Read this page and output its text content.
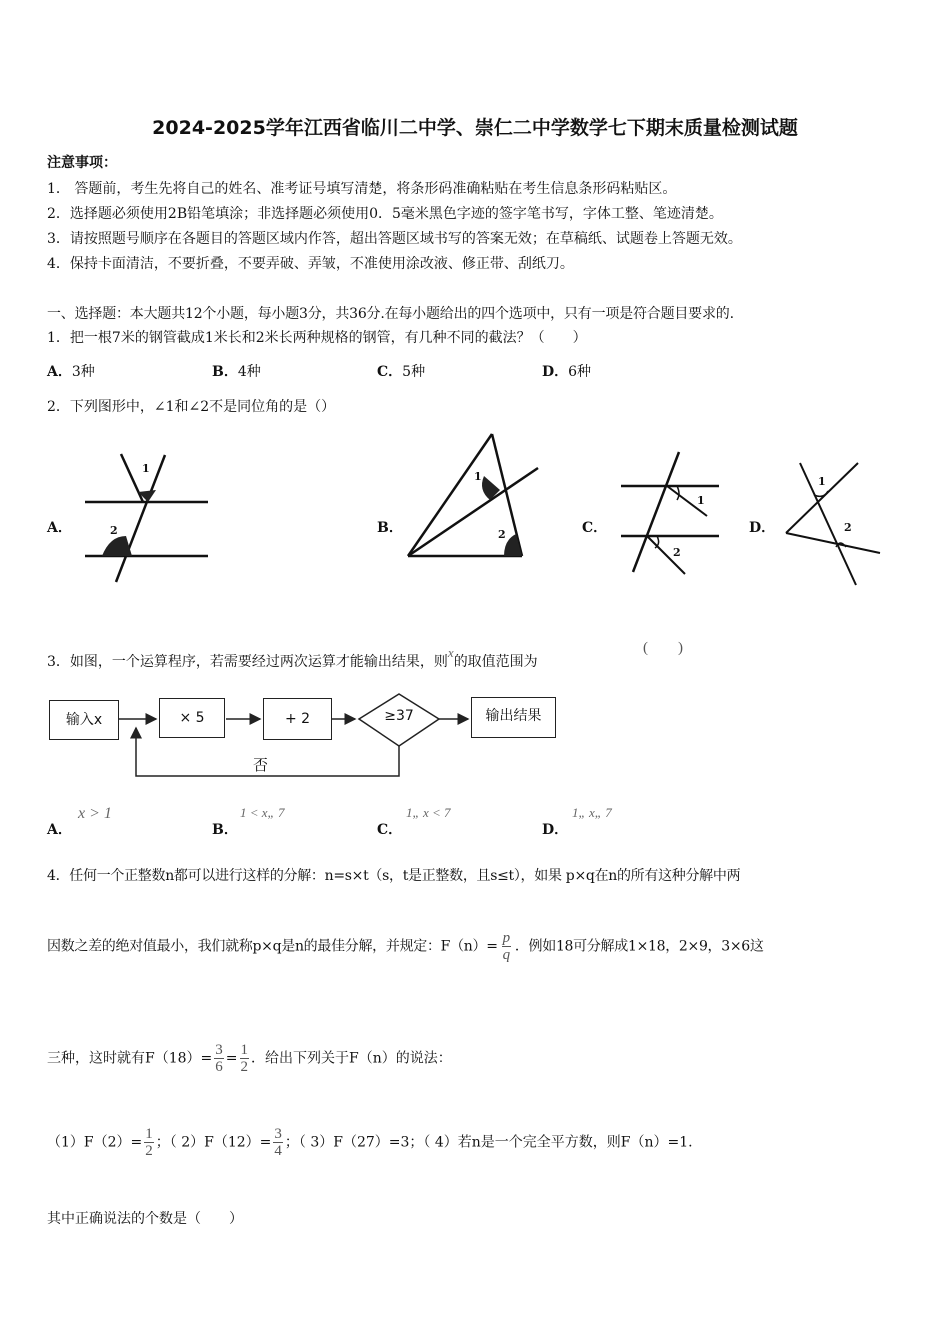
2024-2025学年江西省临川二中学、崇仁二中学数学七下期末质量检测试题
注意事项：
1． 答题前，考生先将自己的姓名、准考证号填写清楚，将条形码准确粘贴在考生信息条形码粘贴区。
2．选择题必须使用2B铅笔填涂；非选择题必须使用0．5毫米黑色字迹的签字笔书写，字体工整、笔迹清楚。
3．请按照题号顺序在各题目的答题区域内作答，超出答题区域书写的答案无效；在草稿纸、试题卷上答题无效。
4．保持卡面清洁，不要折叠，不要弄破、弄皱，不准使用涂改液、修正带、刮纸刀。
一、选择题：本大题共12个小题，每小题3分，共36分.在每小题给出的四个选项中，只有一项是符合题目要求的.
1．把一根7米的钢管截成1米长和2米长两种规格的钢管，有几种不同的截法？（　　）
A．3种	B．4种	C．5种	D．6种
2．下列图形中，∠1和∠2不是同位角的是（）
A．
1
2	B．
1
2	C．
1
2
D．
1
2
3．如图，一个运算程序，若需要经过两次运算才能输出结果，则x的取值范围为
(　　)
输入x	× 5	+ 2	≥37	输出结果
否
A．
x > 1
B．
1 < x„ 7
C．
1„ x < 7
D．
1„ x„ 7
4．任何一个正整数n都可以进行这样的分解：n=s×t（s，t是正整数，且s≤t），如果 p×q在n的所有这种分解中两
因数之差的绝对值最小，我们就称p×q是n的最佳分解，并规定：$F(n)= \frac{p}{q}$ ．例如18可分解成1×18，2×9，3×6这
三种，这时就有$F(18)= \frac{3}{6} = \frac{1}{2}$ ．给出下列关于F（n）的说法：
$(1)F(2)= \frac{1}{2}$ ；（ $2)F(12)= \frac{3}{4}$ ；（ 3）F（27）=3；（ 4）若n是一个完全平方数，则F（n）=1.
其中正确说法的个数是（　　）
